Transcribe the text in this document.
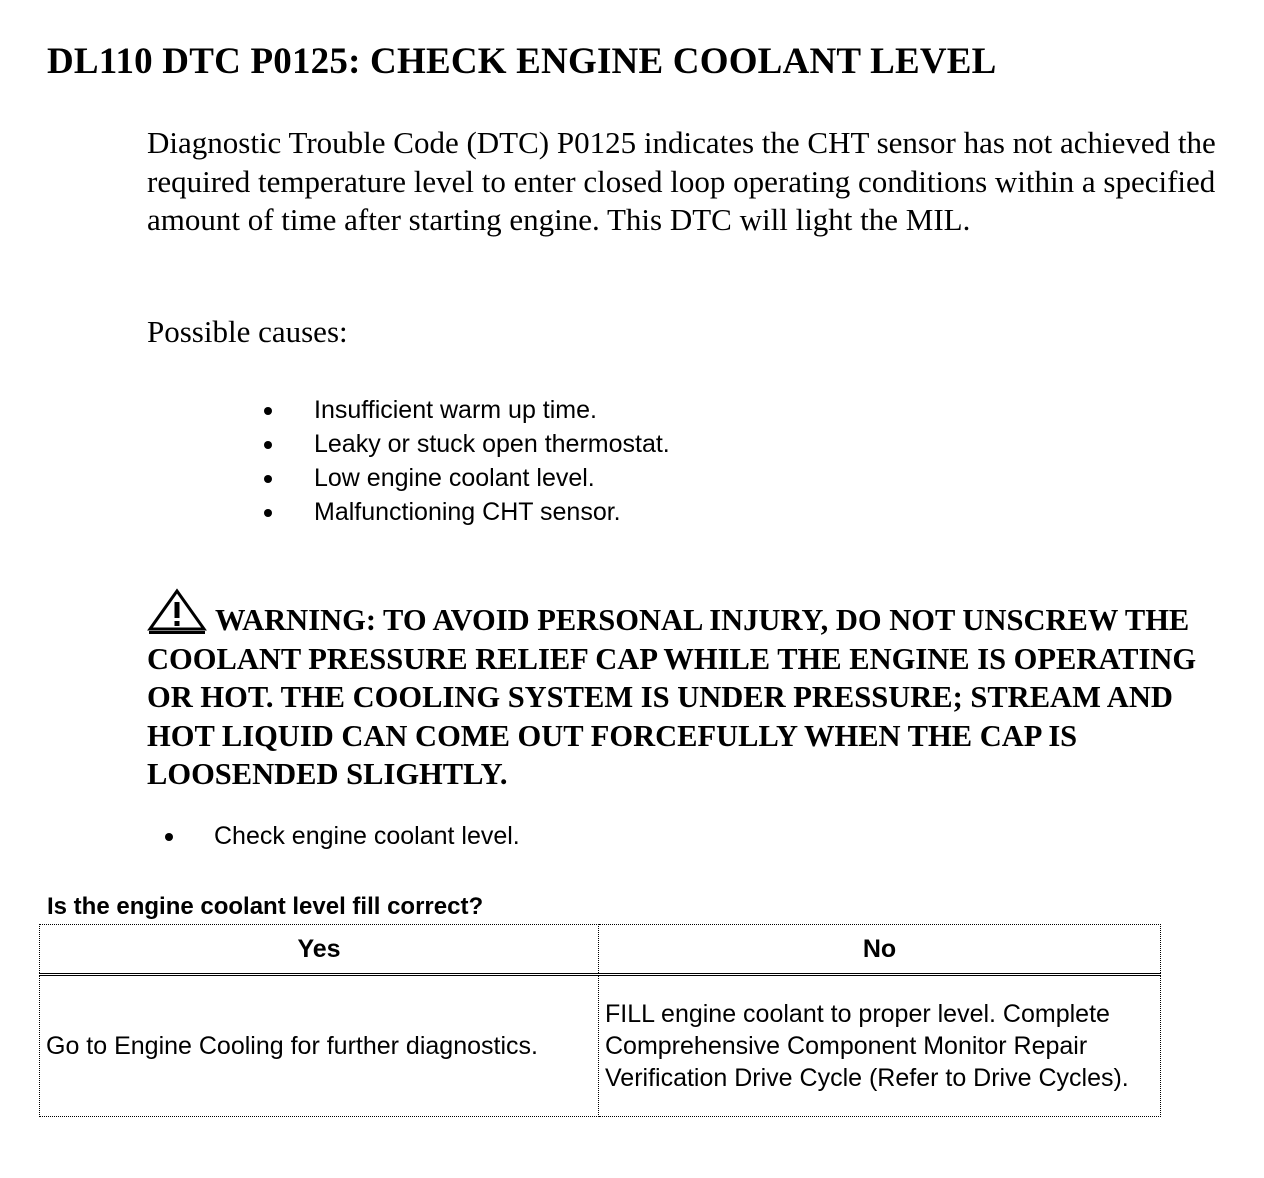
DL110 DTC P0125: CHECK ENGINE COOLANT LEVEL
Diagnostic Trouble Code (DTC) P0125 indicates the CHT sensor has not achieved the required temperature level to enter closed loop operating conditions within a specified amount of time after starting engine. This DTC will light the MIL.
Possible causes:
Insufficient warm up time.
Leaky or stuck open thermostat.
Low engine coolant level.
Malfunctioning CHT sensor.
WARNING: TO AVOID PERSONAL INJURY, DO NOT UNSCREW THE COOLANT PRESSURE RELIEF CAP WHILE THE ENGINE IS OPERATING OR HOT. THE COOLING SYSTEM IS UNDER PRESSURE; STREAM AND HOT LIQUID CAN COME OUT FORCEFULLY WHEN THE CAP IS LOOSENDED SLIGHTLY.
Check engine coolant level.
Is the engine coolant level fill correct?
Yes	No
Go to Engine Cooling for further diagnostics.	FILL engine coolant to proper level. Complete Comprehensive Component Monitor Repair Verification Drive Cycle (Refer to Drive Cycles).
